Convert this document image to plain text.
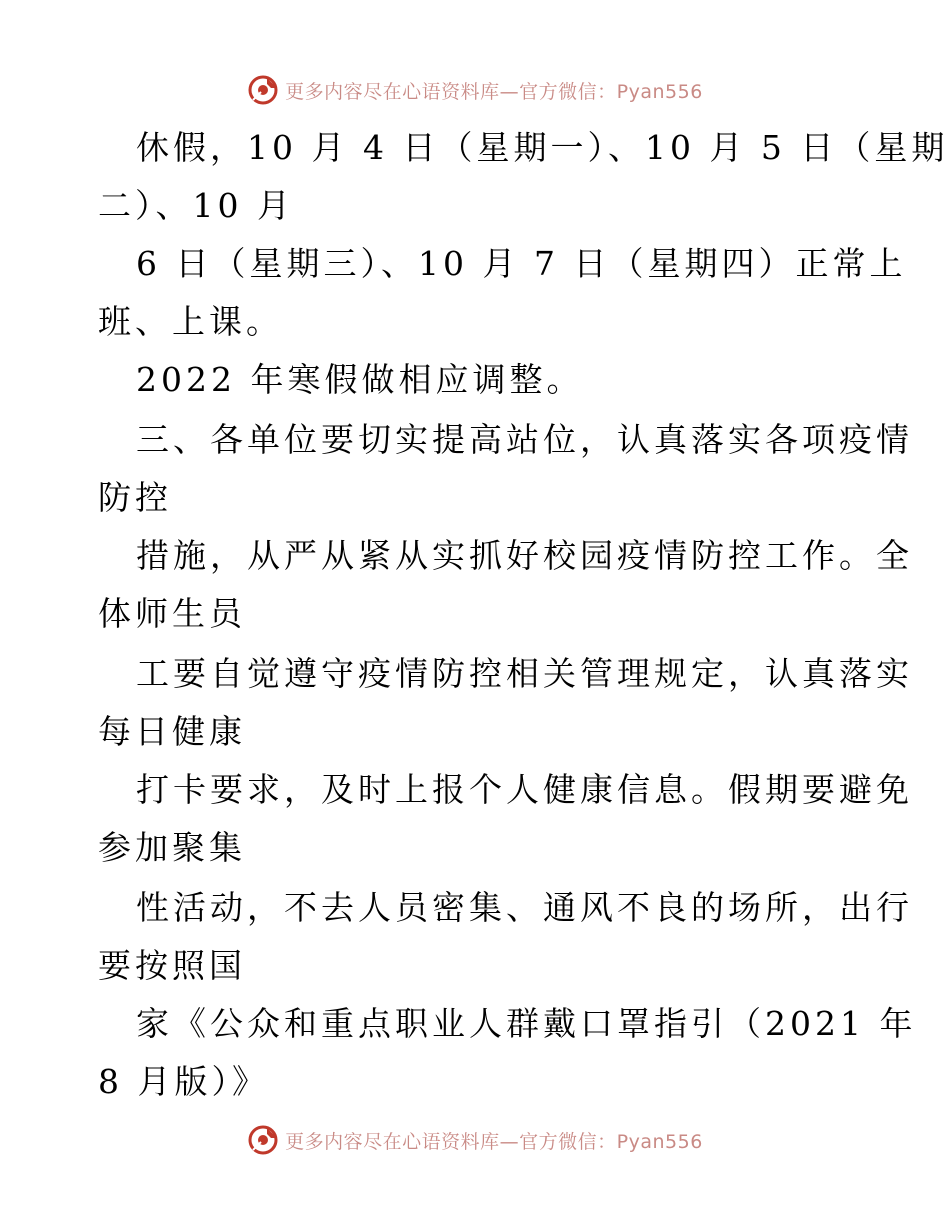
更多内容尽在心语资料库—官方微信：Pyan556
休假，10 月 4 日（星期一）、10 月 5 日（星期
二）、10 月
6 日（星期三）、10 月 7 日（星期四）正常上
班、上课。
2022 年寒假做相应调整。
三、各单位要切实提高站位，认真落实各项疫情
防控
措施，从严从紧从实抓好校园疫情防控工作。全
体师生员
工要自觉遵守疫情防控相关管理规定，认真落实
每日健康
打卡要求，及时上报个人健康信息。假期要避免
参加聚集
性活动，不去人员密集、通风不良的场所，出行
要按照国
家《公众和重点职业人群戴口罩指引（2021 年
8 月版）》
更多内容尽在心语资料库—官方微信：Pyan556
